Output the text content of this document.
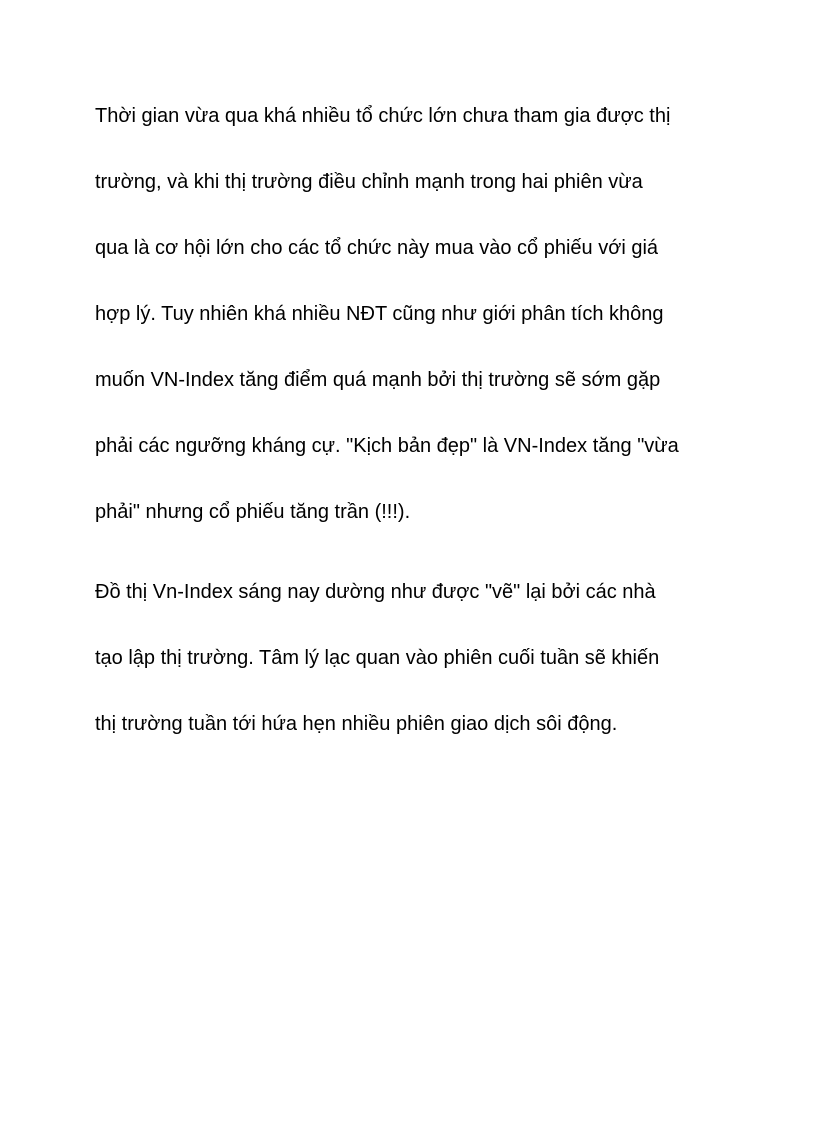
Thời gian vừa qua khá nhiều tổ chức lớn chưa tham gia được thị
trường, và khi thị trường điều chỉnh mạnh trong hai phiên vừa
qua là cơ hội lớn cho các tổ chức này mua vào cổ phiếu với giá
hợp lý. Tuy nhiên khá nhiều NĐT cũng như giới phân tích không
muốn VN-Index tăng điểm quá mạnh bởi thị trường sẽ sớm gặp
phải các ngưỡng kháng cự. "Kịch bản đẹp" là VN-Index tăng "vừa
phải" nhưng cổ phiếu tăng trần (!!!).
Đồ thị Vn-Index sáng nay dường như được "vẽ" lại bởi các nhà
tạo lập thị trường. Tâm lý lạc quan vào phiên cuối tuần sẽ khiến
thị trường tuần tới hứa hẹn nhiều phiên giao dịch sôi động.
